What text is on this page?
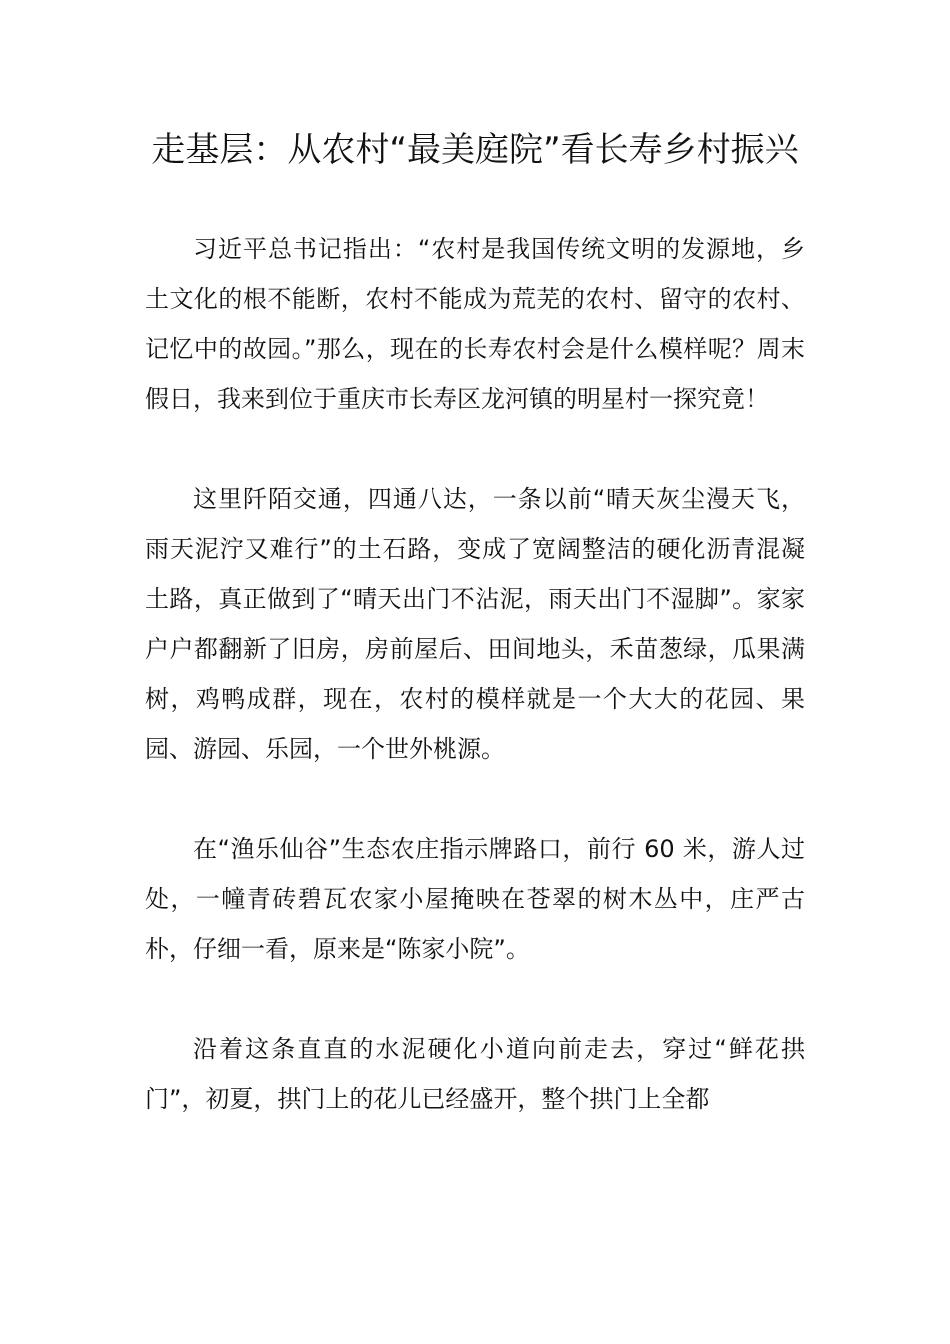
走基层：从农村“最美庭院”看长寿乡村振兴

习近平总书记指出：“农村是我国传统文明的发源地，乡土文化的根不能断，农村不能成为荒芜的农村、留守的农村、记忆中的故园。”那么，现在的长寿农村会是什么模样呢？周末假日，我来到位于重庆市长寿区龙河镇的明星村一探究竟！

这里阡陌交通，四通八达，一条以前“晴天灰尘漫天飞，雨天泥泞又难行”的土石路，变成了宽阔整洁的硬化沥青混凝土路，真正做到了“晴天出门不沾泥，雨天出门不湿脚”。家家户户都翻新了旧房，房前屋后、田间地头，禾苗葱绿，瓜果满树，鸡鸭成群，现在，农村的模样就是一个大大的花园、果园、游园、乐园，一个世外桃源。

在“渔乐仙谷”生态农庄指示牌路口，前行 60 米，游人过处，一幢青砖碧瓦农家小屋掩映在苍翠的树木丛中，庄严古朴，仔细一看，原来是“陈家小院”。

沿着这条直直的水泥硬化小道向前走去，穿过“鲜花拱门”，初夏，拱门上的花儿已经盛开，整个拱门上全都
